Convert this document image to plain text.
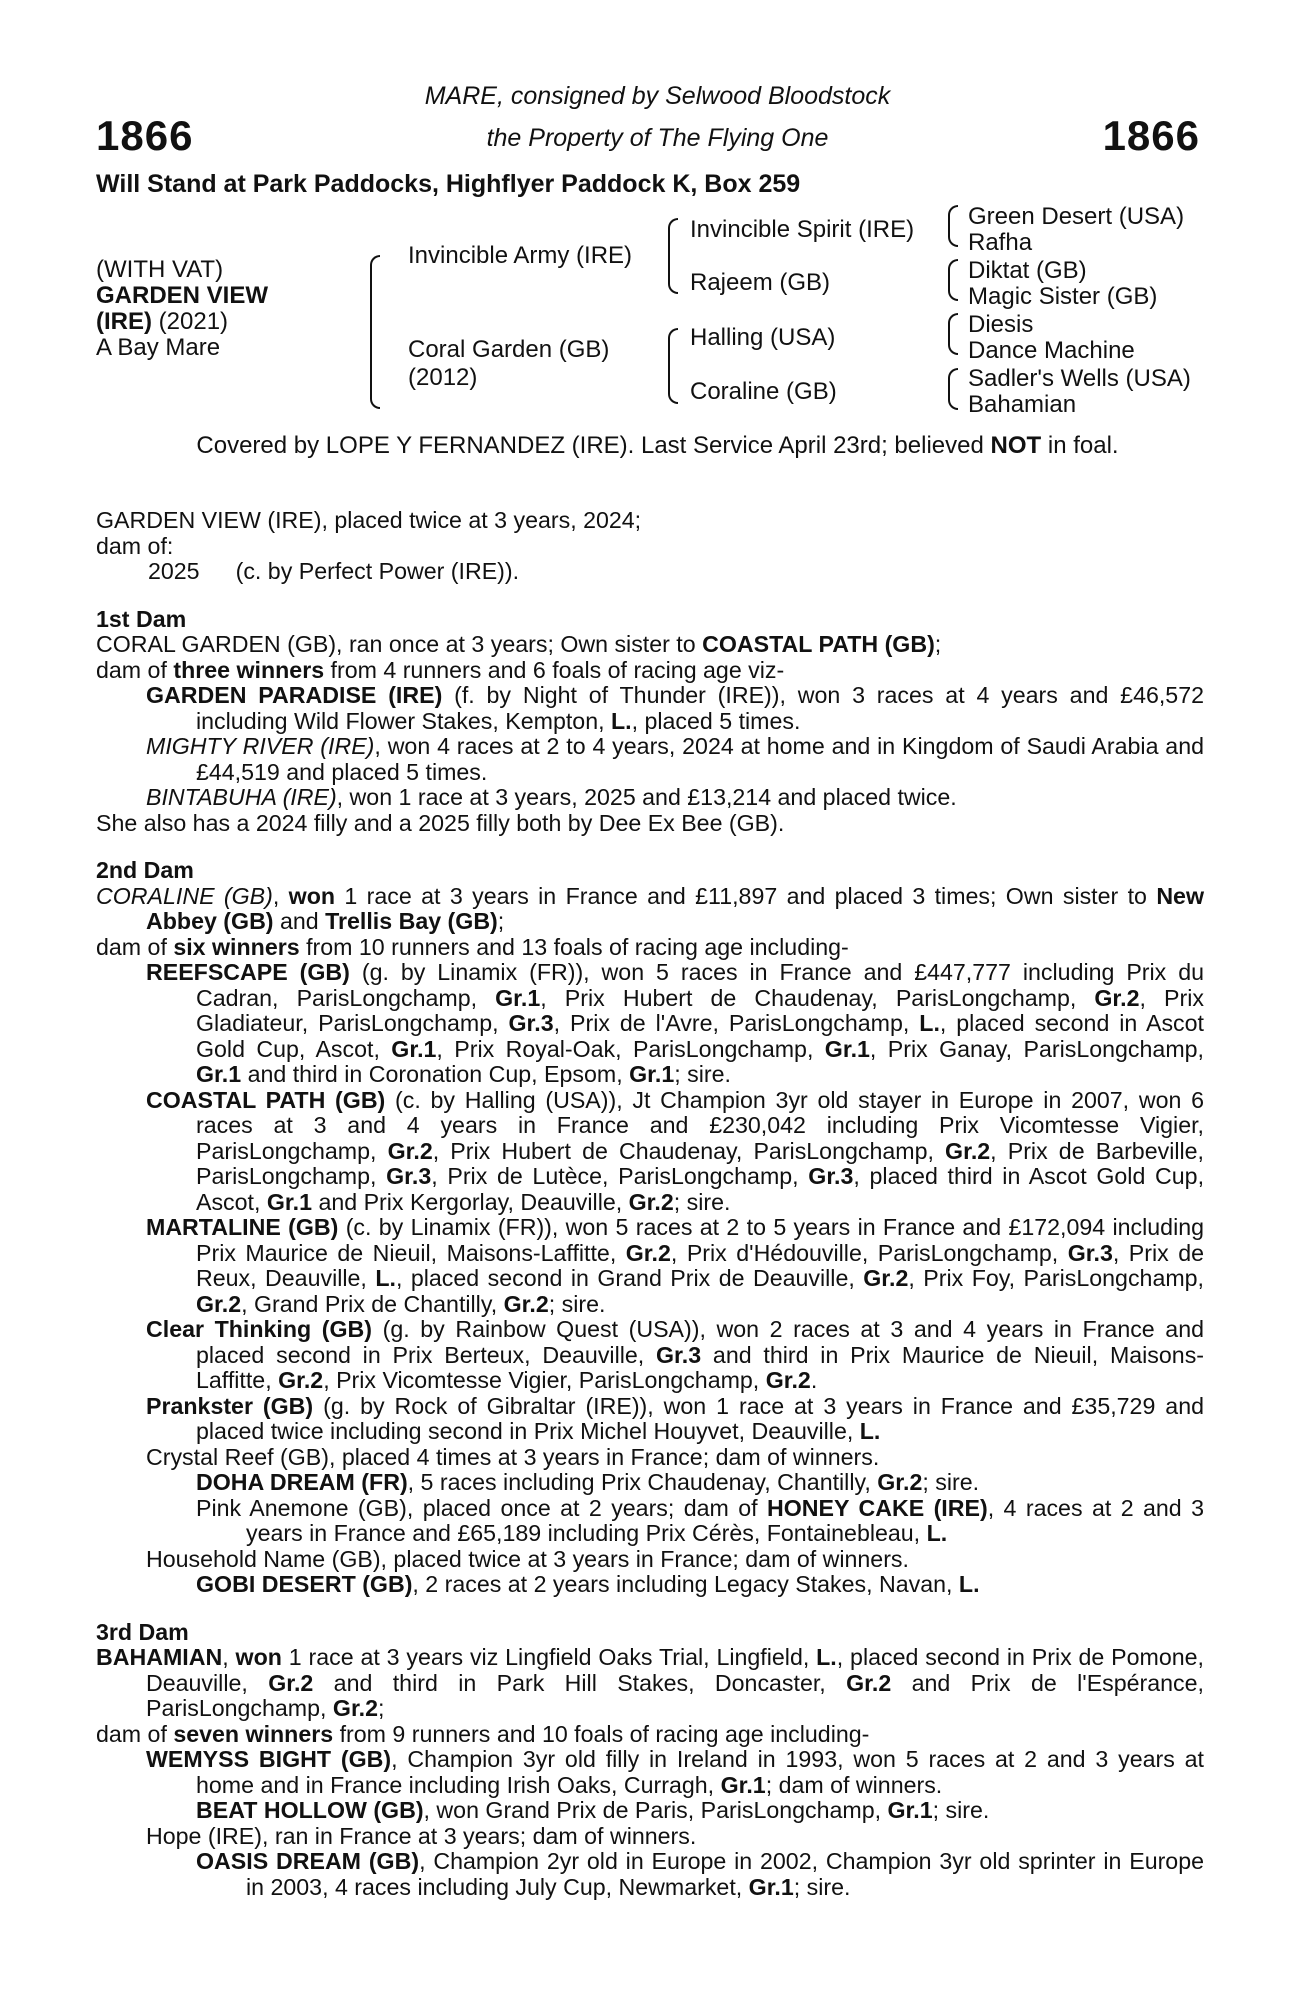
1866	1866
MARE, consigned by Selwood Bloodstock
the Property of The Flying One
Will Stand at Park Paddocks, Highflyer Paddock K, Box 259
(WITH VAT)
GARDEN VIEW
(IRE) (2021)
A Bay Mare
Invincible Army (IRE)
Coral Garden (GB)
(2012)
Invincible Spirit (IRE)
Rajeem (GB)
Halling (USA)
Coraline (GB)
Green Desert (USA)
Rafha
Diktat (GB)
Magic Sister (GB)
Diesis
Dance Machine
Sadler's Wells (USA)
Bahamian
Covered by LOPE Y FERNANDEZ (IRE). Last Service April 23rd; believed NOT in foal.

GARDEN VIEW (IRE), placed twice at 3 years, 2024;

dam of:

2025 (c. by Perfect Power (IRE)).

1st Dam

CORAL GARDEN (GB), ran once at 3 years; Own sister to COASTAL PATH (GB);

dam of three winners from 4 runners and 6 foals of racing age viz-

GARDEN PARADISE (IRE) (f. by Night of Thunder (IRE)), won 3 races at 4 years and £46,572 including Wild Flower Stakes, Kempton, L., placed 5 times.

MIGHTY RIVER (IRE), won 4 races at 2 to 4 years, 2024 at home and in Kingdom of Saudi Arabia and £44,519 and placed 5 times.

BINTABUHA (IRE), won 1 race at 3 years, 2025 and £13,214 and placed twice.

She also has a 2024 filly and a 2025 filly both by Dee Ex Bee (GB).

2nd Dam

CORALINE (GB), won 1 race at 3 years in France and £11,897 and placed 3 times; Own sister to New Abbey (GB) and Trellis Bay (GB);

dam of six winners from 10 runners and 13 foals of racing age including-

REEFSCAPE (GB) (g. by Linamix (FR)), won 5 races in France and £447,777 including Prix du Cadran, ParisLongchamp, Gr.1, Prix Hubert de Chaudenay, ParisLongchamp, Gr.2, Prix Gladiateur, ParisLongchamp, Gr.3, Prix de l'Avre, ParisLongchamp, L., placed second in Ascot Gold Cup, Ascot, Gr.1, Prix Royal-Oak, ParisLongchamp, Gr.1, Prix Ganay, ParisLongchamp, Gr.1 and third in Coronation Cup, Epsom, Gr.1; sire.

COASTAL PATH (GB) (c. by Halling (USA)), Jt Champion 3yr old stayer in Europe in 2007, won 6 races at 3 and 4 years in France and £230,042 including Prix Vicomtesse Vigier, ParisLongchamp, Gr.2, Prix Hubert de Chaudenay, ParisLongchamp, Gr.2, Prix de Barbeville, ParisLongchamp, Gr.3, Prix de Lutèce, ParisLongchamp, Gr.3, placed third in Ascot Gold Cup, Ascot, Gr.1 and Prix Kergorlay, Deauville, Gr.2; sire.

MARTALINE (GB) (c. by Linamix (FR)), won 5 races at 2 to 5 years in France and £172,094 including Prix Maurice de Nieuil, Maisons-Laffitte, Gr.2, Prix d'Hédouville, ParisLongchamp, Gr.3, Prix de Reux, Deauville, L., placed second in Grand Prix de Deauville, Gr.2, Prix Foy, ParisLongchamp, Gr.2, Grand Prix de Chantilly, Gr.2; sire.

Clear Thinking (GB) (g. by Rainbow Quest (USA)), won 2 races at 3 and 4 years in France and placed second in Prix Berteux, Deauville, Gr.3 and third in Prix Maurice de Nieuil, Maisons-Laffitte, Gr.2, Prix Vicomtesse Vigier, ParisLongchamp, Gr.2.

Prankster (GB) (g. by Rock of Gibraltar (IRE)), won 1 race at 3 years in France and £35,729 and placed twice including second in Prix Michel Houyvet, Deauville, L.

Crystal Reef (GB), placed 4 times at 3 years in France; dam of winners.

DOHA DREAM (FR), 5 races including Prix Chaudenay, Chantilly, Gr.2; sire.

Pink Anemone (GB), placed once at 2 years; dam of HONEY CAKE (IRE), 4 races at 2 and 3 years in France and £65,189 including Prix Cérès, Fontainebleau, L.

Household Name (GB), placed twice at 3 years in France; dam of winners.

GOBI DESERT (GB), 2 races at 2 years including Legacy Stakes, Navan, L.

3rd Dam

BAHAMIAN, won 1 race at 3 years viz Lingfield Oaks Trial, Lingfield, L., placed second in Prix de Pomone, Deauville, Gr.2 and third in Park Hill Stakes, Doncaster, Gr.2 and Prix de l'Espérance, ParisLongchamp, Gr.2;

dam of seven winners from 9 runners and 10 foals of racing age including-

WEMYSS BIGHT (GB), Champion 3yr old filly in Ireland in 1993, won 5 races at 2 and 3 years at home and in France including Irish Oaks, Curragh, Gr.1; dam of winners.

BEAT HOLLOW (GB), won Grand Prix de Paris, ParisLongchamp, Gr.1; sire.

Hope (IRE), ran in France at 3 years; dam of winners.

OASIS DREAM (GB), Champion 2yr old in Europe in 2002, Champion 3yr old sprinter in Europe in 2003, 4 races including July Cup, Newmarket, Gr.1; sire.
